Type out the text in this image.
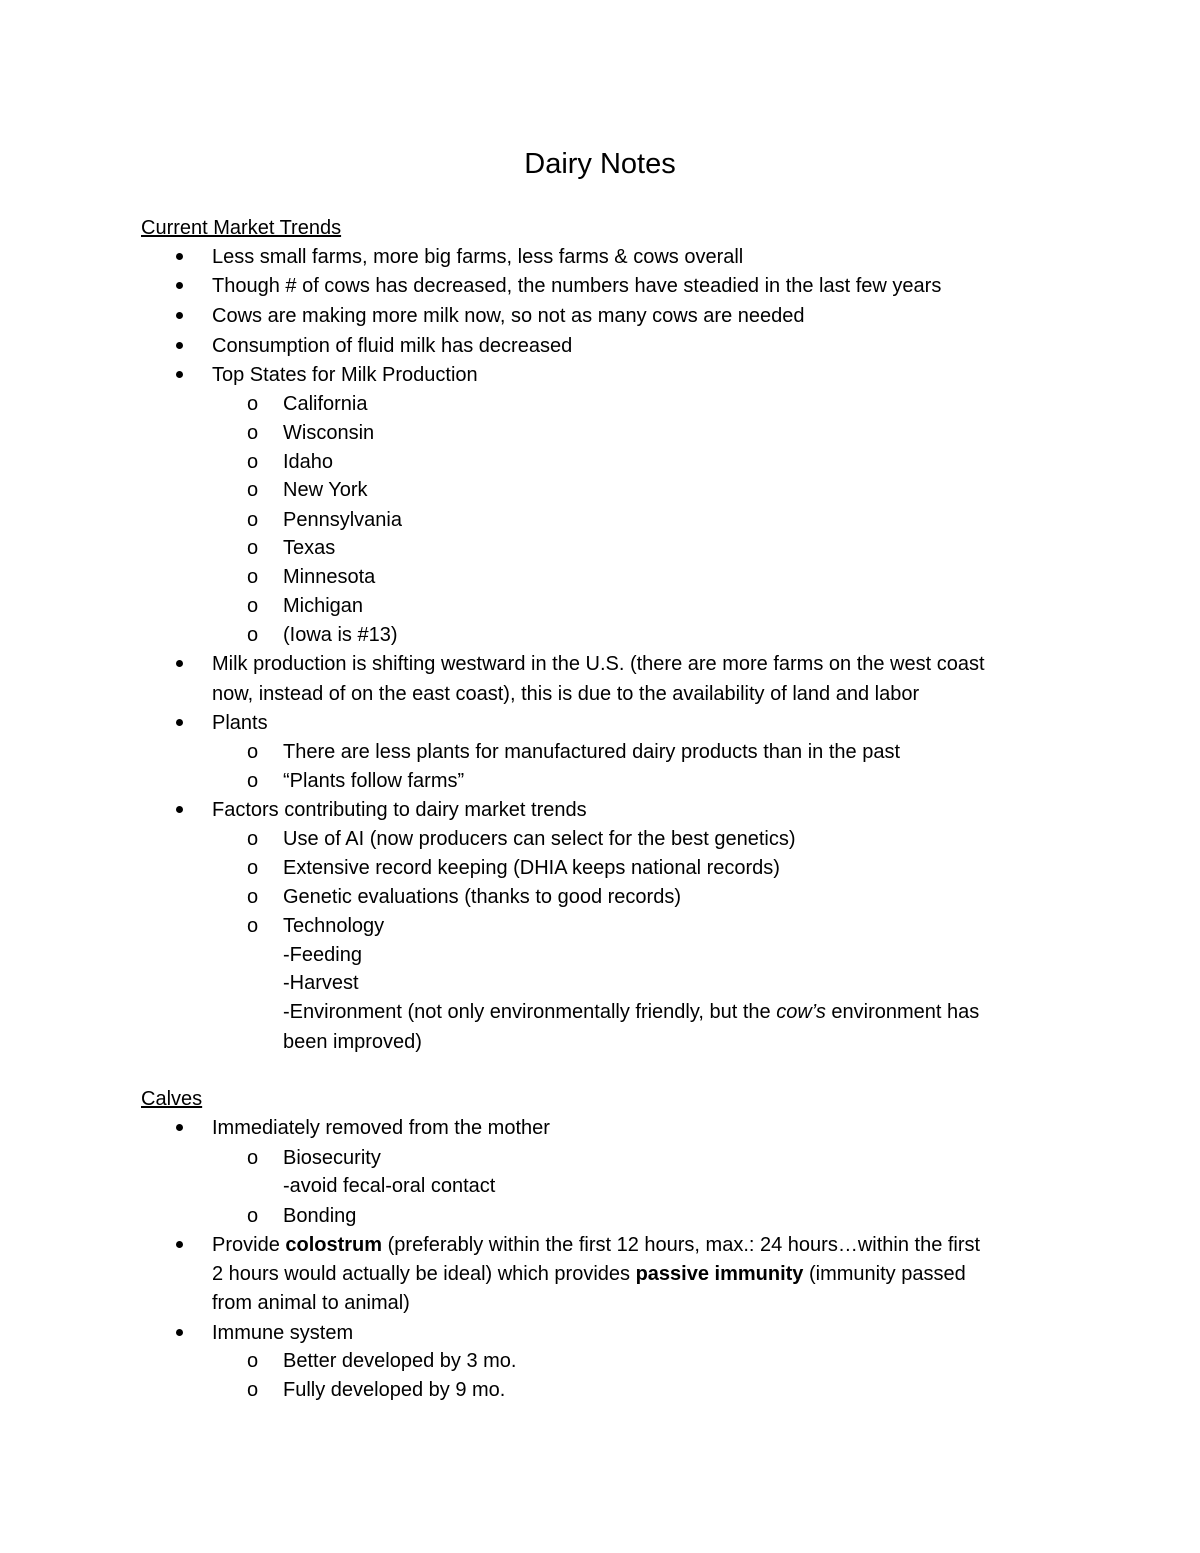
Dairy Notes
Current Market Trends
Less small farms, more big farms, less farms & cows overall
Though # of cows has decreased, the numbers have steadied in the last few years
Cows are making more milk now, so not as many cows are needed
Consumption of fluid milk has decreased
Top States for Milk Production
o California
o Wisconsin
o Idaho
o New York
o Pennsylvania
o Texas
o Minnesota
o Michigan
o (Iowa is #13)
Milk production is shifting westward in the U.S. (there are more farms on the west coast
now, instead of on the east coast), this is due to the availability of land and labor
Plants
o There are less plants for manufactured dairy products than in the past
o “Plants follow farms”
Factors contributing to dairy market trends
o Use of AI (now producers can select for the best genetics)
o Extensive record keeping (DHIA keeps national records)
o Genetic evaluations (thanks to good records)
o Technology
-Feeding
-Harvest
-Environment (not only environmentally friendly, but the cow’s environment has
been improved)
Calves
Immediately removed from the mother
o Biosecurity
-avoid fecal-oral contact
o Bonding
Provide colostrum (preferably within the first 12 hours, max.: 24 hours…within the first
2 hours would actually be ideal) which provides passive immunity (immunity passed
from animal to animal)
Immune system
o Better developed by 3 mo.
o Fully developed by 9 mo.
